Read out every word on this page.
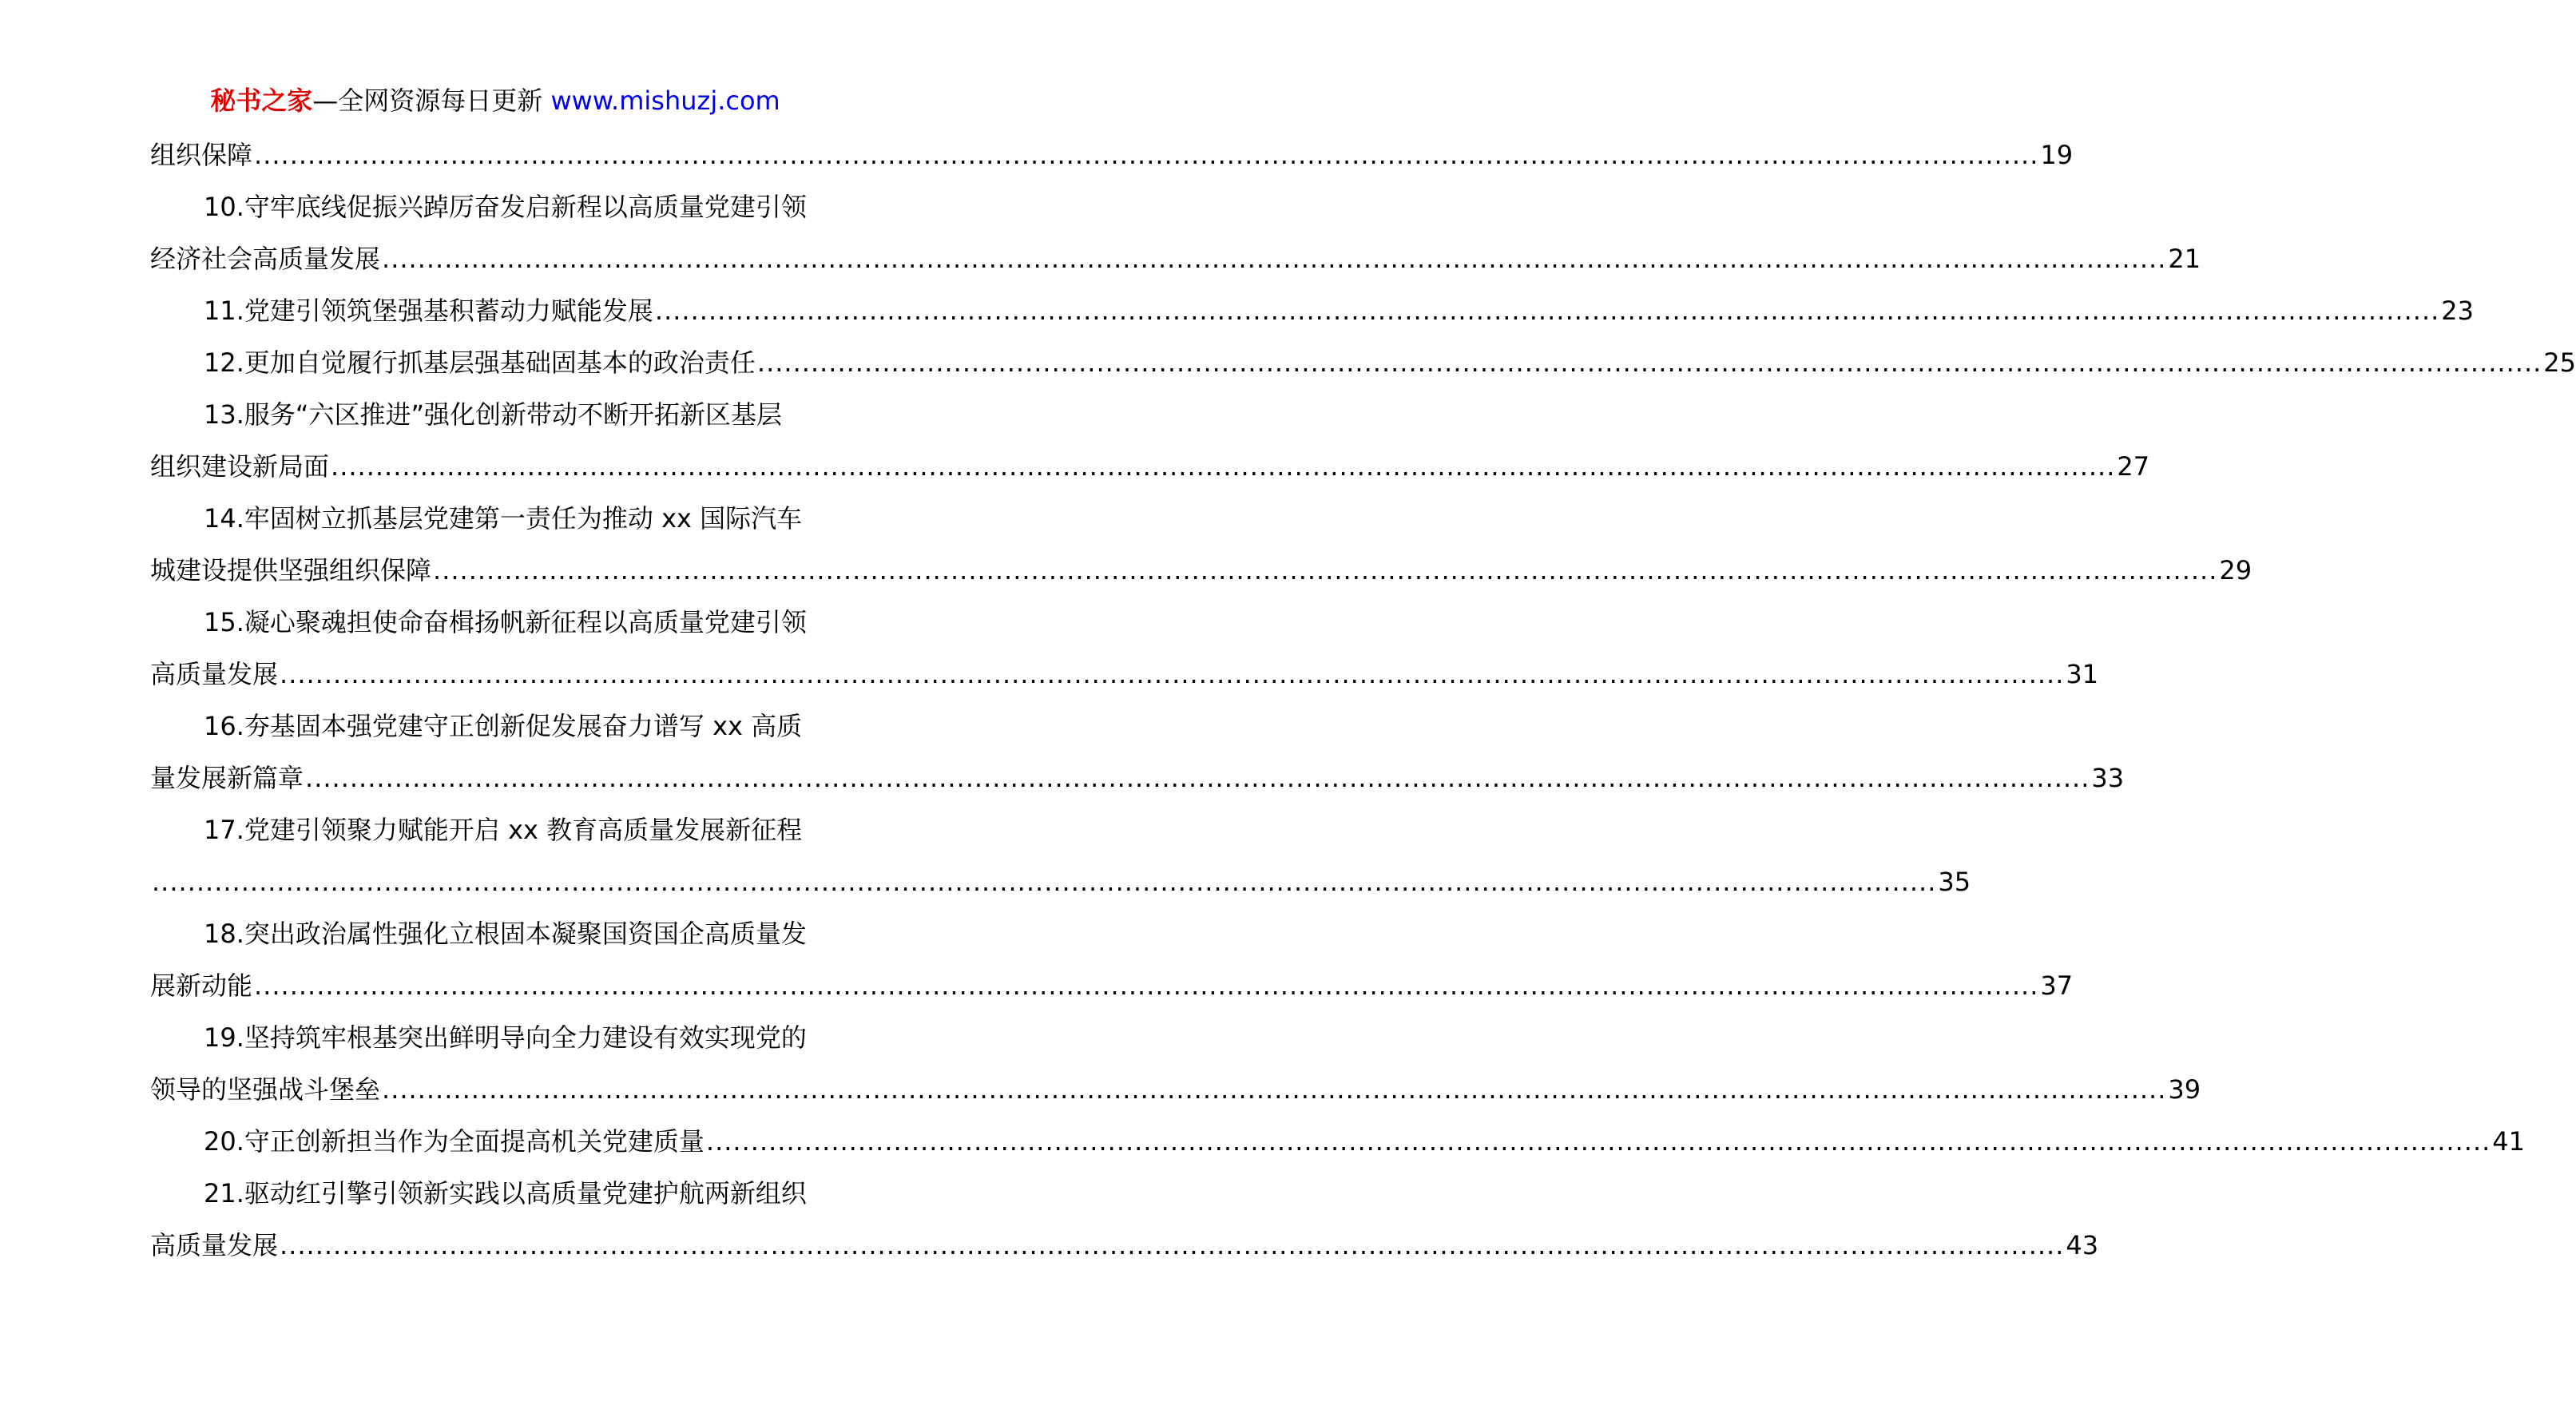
秘书之家—全网资源每日更新 www.mishuzj.com
组织保障 ........................................................................................................................................................................................................ 19
10.守牢底线促振兴踔厉奋发启新程以高质量党建引领
经济社会高质量发展 ........................................................................................................................................................................................................ 21
11.党建引领筑堡强基积蓄动力赋能发展 ........................................................................................................................................................................................................ 23
12.更加自觉履行抓基层强基础固基本的政治责任 ........................................................................................................................................................................................................ 25
13.服务“六区推进”强化创新带动不断开拓新区基层
组织建设新局面 ........................................................................................................................................................................................................ 27
14.牢固树立抓基层党建第一责任为推动 xx 国际汽车
城建设提供坚强组织保障 ........................................................................................................................................................................................................ 29
15.凝心聚魂担使命奋楫扬帆新征程以高质量党建引领
高质量发展 ........................................................................................................................................................................................................ 31
16.夯基固本强党建守正创新促发展奋力谱写 xx 高质
量发展新篇章 ........................................................................................................................................................................................................ 33
17.党建引领聚力赋能开启 xx 教育高质量发展新征程
........................................................................................................................................................................................................ 35
18.突出政治属性强化立根固本凝聚国资国企高质量发
展新动能 ........................................................................................................................................................................................................ 37
19.坚持筑牢根基突出鲜明导向全力建设有效实现党的
领导的坚强战斗堡垒 ........................................................................................................................................................................................................ 39
20.守正创新担当作为全面提高机关党建质量 ........................................................................................................................................................................................................ 41
21.驱动红引擎引领新实践以高质量党建护航两新组织
高质量发展 ........................................................................................................................................................................................................ 43
